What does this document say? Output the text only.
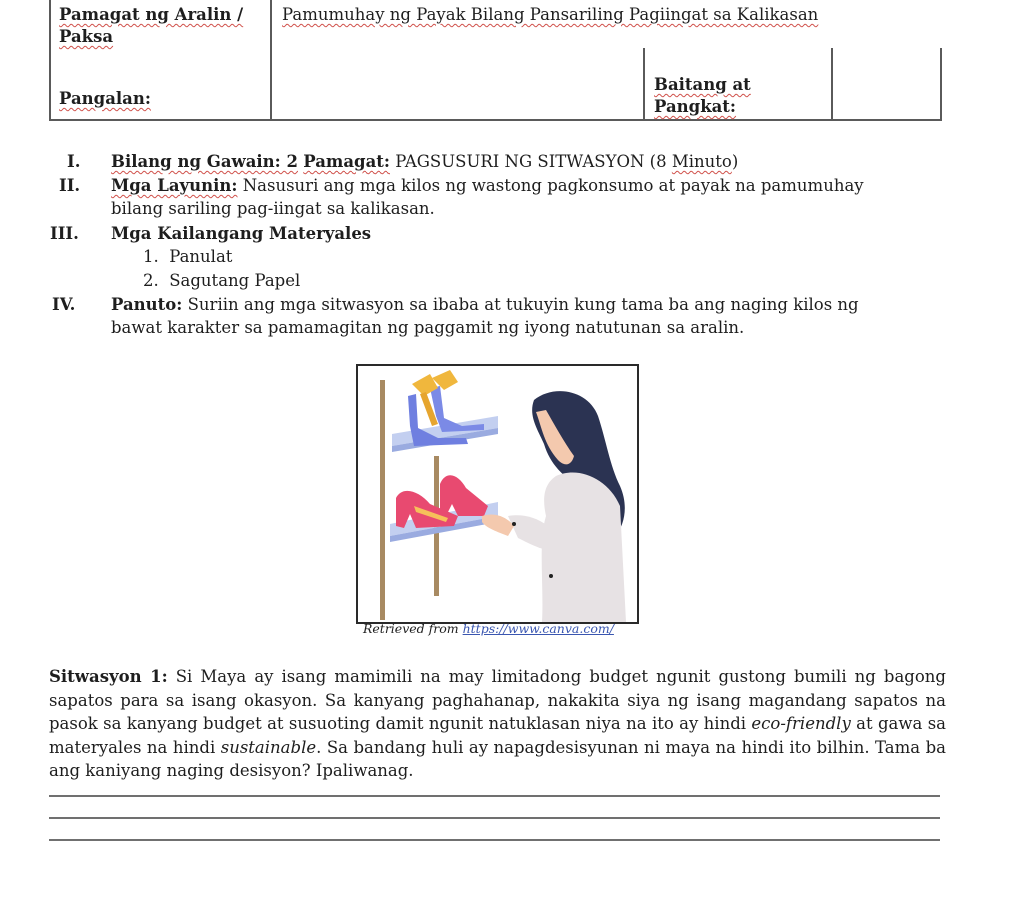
Pamagat ng Aralin /
Paksa
Pamumuhay ng Payak Bilang Pansariling Pagiingat sa Kalikasan
Pangalan:
Baitang at
Pangkat:
I. Bilang ng Gawain: 2 Pamagat: PAGSUSURI NG SITWASYON (8 Minuto)
II. Mga Layunin: Nasusuri ang mga kilos ng wastong pagkonsumo at payak na pamumuhay
bilang sariling pag-iingat sa kalikasan.
III. Mga Kailangang Materyales
1.  Panulat
2.  Sagutang Papel
IV. Panuto: Suriin ang mga sitwasyon sa ibaba at tukuyin kung tama ba ang naging kilos ng
bawat karakter sa pamamagitan ng paggamit ng iyong natutunan sa aralin.
Retrieved from https://www.canva.com/
Sitwasyon 1: Si Maya ay isang mamimili na may limitadong budget ngunit gustong bumili ng bagong sapatos para sa isang okasyon. Sa kanyang paghahanap, nakakita siya ng isang magandang sapatos na pasok sa kanyang budget at susuoting damit ngunit natuklasan niya na ito ay hindi eco-friendly at gawa sa materyales na hindi sustainable. Sa bandang huli ay napagdesisyunan ni maya na hindi ito bilhin. Tama ba ang kaniyang naging desisyon? Ipaliwanag.
